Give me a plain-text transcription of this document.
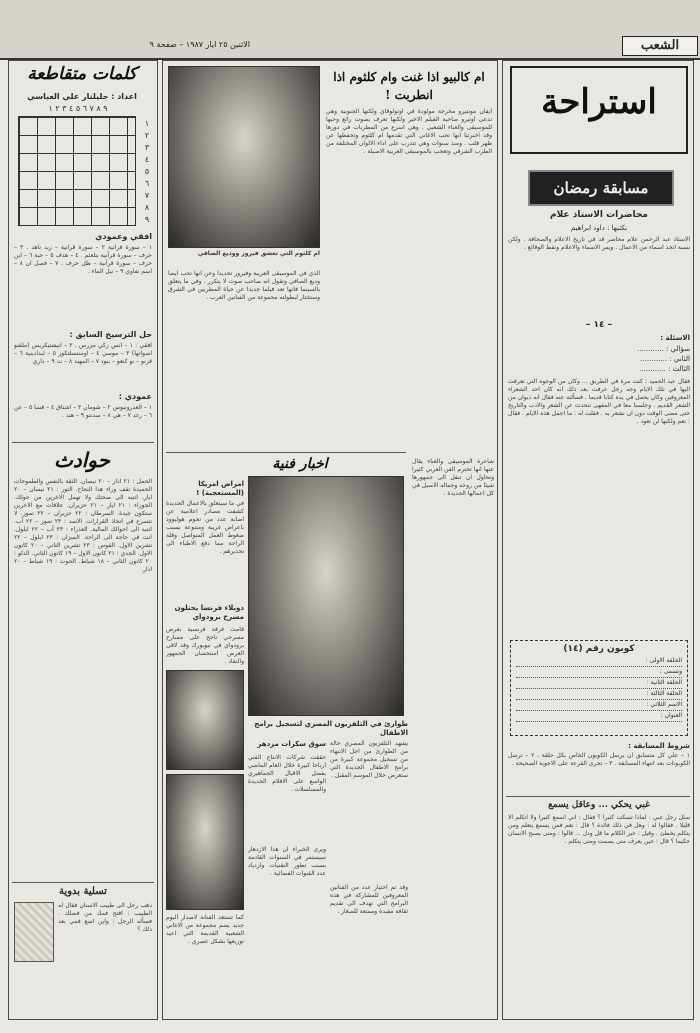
الشعب
الاثنين ٢٥ ايار ١٩٨٧ – صفحة ٩
كلمات متقاطعة
اعداد : جليلنار علي العباسي
٩ ٨ ٧ ٦ ٥ ٤ ٣ ٢ ١
١
٢
٣
٤
٥
٦
٧
٨
٩
افقي وعمودي
١ – سورة قرآنية ٢ – سورة قرآنية – زيد ناهد . ٣ – حرف – سورة قرآنية بتلعثم . ٤ – هدف ٥ – حبة ٦ – ابن حرف – سورة قرآنية – ظل حرف . ٧ – فصل ان ٨ – اسم نفاوي ٩ – نيل الماء .
حل الترسيخ السابق :
افقي : ١ – انس زكي مزرس . ٢ – انيشتيكريس (ملقنو اصواتها) ٣ – موسي ٤ – اوستسلتكوز ٥ – لبدادينية ٦ – قرنو – نو كنعو – بنود ٧ – المهند ٨ – ت ٩ – داري
عمودي :
١ – العدرونيوس ٢ – شومان ٣ – اشتاق ٤ – قسا ٥ – عن ٦ – رغد ٧ – هي ٨ – سدنتو ٩ – هند .
حوادث
الحمل : ٢١ اذار – ٢٠ نيسان. الثقة بالنفس والطموحات الحميدة تقف وراء هذا النجاح. الثور : ٢١ نيسان – ٢٠ ايار. انتبه الى صحتك ولا تهمل الاخرين من حولك. الجوزاء : ٢١ ايار – ٢١ حزيران. علاقات مع الاخرين ستكون جيدة. السرطان : ٢٢ حزيران – ٢٢ تموز. لا تتسرع في اتخاذ القرارات. الاسد : ٢٣ تموز – ٢٢ آب. انتبه الى احوالك المالية. العذراء : ٢٣ آب – ٢٢ ايلول. انت في حاجة الى الراحة. الميزان : ٢٣ ايلول – ٢٢ تشرين الاول. القوس : ٢٣ تشرين الثاني – ٢٠ كانون الاول. الجدي : ٢١ كانون الاول – ١٩ كانون الثاني. الدلو : ٢٠ كانون الثاني – ١٨ شباط. الحوت : ١٩ شباط – ٢٠ اذار.
تسلية بدوية
ذهب رجل الى طبيب الاسنان فقال له الطبيب : افتح فمك من فضلك . فسأله الرجل : واين اضع فمي بعد ذلك ؟
ام كلثوم التي تعشق فيروز ووديع الصافي
ام كالبيو اذا غنت وام كلثوم اذا انطربت !
ايفان مونتيرو مخرجة مولودة في اوتولوقاي ولكنها الجنوبية وهي تدعى اوتيرو صاحبة الفيلم الاخير ولكنها تعرف بصوت رائع وحبها للموسيقى والغناء الشعبي . وهي اسرع من المطربات في دورها وقد اخبرتنا انها تحب الاغاني التي تقدمها ام كلثوم وتحفظها عن ظهر قلب . ومنذ سنوات وهي تتدرب على اداء الالوان المختلفة من الطرب الشرقي وتعجب بالموسيقى العربية الاصيلة .
الذي في الموسيقى العربية وفيروز تحديدا وعن انها تحب ايضا وديع الصافي وتقول انه صاحب صوت لا يتكرر . وفي ما يتعلق بالسينما فانها تعد فيلما جديدا عن حياة المطربين في الشرق وستختار لبطولته مجموعة من الفنانين العرب .
شاعرة الموسيقى والغناء يقال عنها انها تحترم الفن العربي كثيرا وتحاول ان تنقل الى جمهورها شيئا من روحه وجماله الاصيل في كل اعمالها الجديدة .
اخبار فنية
امراض امريكا (المستعجبة) !
في ما سيتعلق بالاعمال الجديدة كشفت مصادر اعلامية عن اصابة عدد من نجوم هوليوود باعراض غريبة ومتنوعة بسبب ضغوط العمل المتواصل وقلة الراحة مما دفع الاطباء الى تحذيرهم .
دوبلاء فرنسا يحتلون مسرح برودواي
قامت فرقة فرنسية بعرض مسرحي ناجح على مسارح برودواي في نيويورك وقد لاقى العرض استحسان الجمهور والنقاد .
طوارئ في التلفزيون المصري لتسجيل برامج الاطفال
يشهد التلفزيون المصري حالة من الطوارئ من اجل الانتهاء من تسجيل مجموعة كبيرة من برامج الاطفال الجديدة التي ستعرض خلال الموسم المقبل .
وقد تم اختيار عدد من الفنانين المعروفين للمشاركة في هذه البرامج التي تهدف الى تقديم ثقافة مفيدة وممتعة للصغار .
سوق سكرات مزدهر
حققت شركات الانتاج الفني ارباحا كبيرة خلال العام الماضي بفضل الاقبال الجماهيري الواسع على الافلام الجديدة والمسلسلات .
ويرى الخبراء ان هذا الازدهار سيستمر في السنوات القادمة بسبب تطور التقنيات وازدياد عدد القنوات الفضائية .
كما تستعد الفنانة لاصدار ألبوم جديد يضم مجموعة من الاغاني الشعبية القديمة التي اعيد توزيعها بشكل عصري .
استراحة
مسابقة رمضان
محاضرات الاستاذ علام
بكتبها : داود ابراهيم
الاستاذ عبد الرحمن علام محاضر قد في تاريخ الاعلام والصحافة . ولكن نسبة اتخذ اسماء من الاعمال . ويمر الاسماء والاعلام ونقط الوقائع .
– ١٤ –
الاسئلة :
سؤالي : ............
الثاني : ............
الثالث : ............
فقال عبد الحميد : كنت مرة في الطريق ... وكان من الوجوه التي تعرفت اليها في تلك الايام وجه رجل عرفت بعد ذلك انه كان احد الشعراء المعروفين وكان يحمل في يده كتابا قديما . فسألته عنه فقال انه ديوان من الشعر القديم . وجلسنا معا في المقهى نتحدث عن الشعر والادب والتاريخ حتى مضى الوقت دون ان نشعر به . فقلت له : ما اجمل هذه الايام . فقال : نعم ولكنها لن تعود .
كوبون رقم (١٤)
الحلقة الاولى :
وتسمى :
الحلقة الثانية :
الحلقة الثالثة :
الاسم الثلاثي :
العنوان :
شروط المسابقة :
١ – علي كل متسابق ان يرسل الكوبون الخاص بكل حلقة . ٢ – ترسل الكوبونات بعد انتهاء المسابقة . ٣ – تجرى القرعة على الاجوبة الصحيحة .
غبي يحكي ... وعاقل يسمع
سئل رجل غبي : لماذا تسكت كثيرا ؟ فقال : اني اسمع كثيرا ولا اتكلم الا قليلا . فقالوا له : وهل في ذلك فائدة ؟ قال : نعم فمن يسمع يتعلم ومن يتكلم يخطئ . وقيل : خير الكلام ما قل ودل ... قالوا : ومتى يصبح الانسان حكيما ؟ قال : حين يعرف متى يصمت ومتى يتكلم .
